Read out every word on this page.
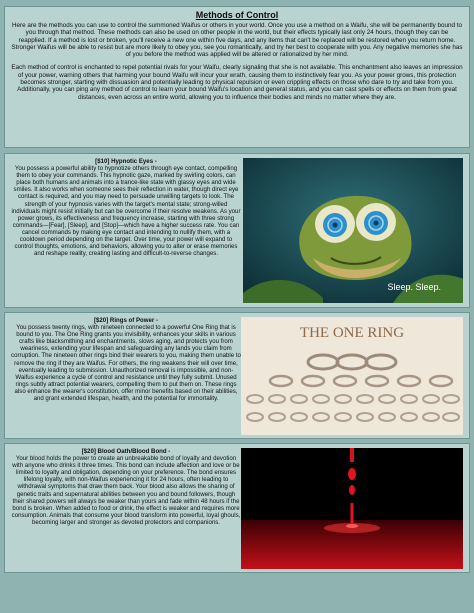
Methods of Control

Here are the methods you can use to control the summoned Waifus or others in your world. Once you use a method on a Waifu, she will be permanently bound to you through that method. These methods can also be used on other people in the world, but their effects typically last only 24 hours, though they can be reapplied. If a method is lost or broken, you'll receive a new one within five days, and any items that can't be replaced will be restored when you return home. Stronger Waifus will be able to resist but are more likely to obey you, see you romantically, and try her best to cooperate with you. Any negative memories she has of you before the method was applied will be altered or rationalized by her mind.

Each method of control is enchanted to repel potential rivals for your Waifu, clearly signaling that she is not available. This enchantment also leaves an impression of your power, warning others that harming your bound Waifu will incur your wrath, causing them to instinctively fear you. As your power grows, this protection becomes stronger, starting with dissuasion and potentially leading to physical repulsion or even crippling effects on those who dare to try and take from you. Additionally, you can ping any method of control to learn your bound Waifu's location and general status, and you can cast spells or effects on them from great distances, even across an entire world, allowing you to influence their bodies and minds no matter where they are.

[$10] Hypnotic Eyes -
You possess a powerful ability to hypnotize others through eye contact, compelling them to obey your commands. This hypnotic gaze, marked by swirling colors, can place both humans and animals into a trance-like state with glassy eyes and wide smiles. It also works when someone sees their reflection in water, though direct eye contact is required, and you may need to persuade unwilling targets to look. The strength of your hypnosis varies with the target's mental state; strong-willed individuals might resist initially but can be overcome if their resolve weakens. As your power grows, its effectiveness and frequency increase, starting with three strong commands—[Fear], [Sleep], and [Stop]—which have a higher success rate. You can cancel commands by making eye contact and intending to nullify them, with a cooldown period depending on the target. Over time, your power will expand to control thoughts, emotions, and behaviors, allowing you to alter or erase memories and reshape reality, creating lasting and difficult-to-reverse changes.
Sleep. Sleep.
[$20] Rings of Power -
You possess twenty rings, with nineteen connected to a powerful One Ring that is bound to you. The One Ring grants you invisibility, enhances your skills in various crafts like blacksmithing and enchantments, slows aging, and protects you from weariness, extending your lifespan and safeguarding any lands you claim from corruption. The nineteen other rings bind their wearers to you, making them unable to remove the ring if they are Waifus. For others, the ring weakens their will over time, eventually leading to submission. Unauthorized removal is impossible, and non-Waifus experience a cycle of control and resistance until they fully submit. Unused rings subtly attract potential wearers, compelling them to put them on. These rings also enhance the wearer's constitution, offer minor benefits based on their abilities, and grant extended lifespan, health, and the potential for immortality.
THE ONE RING
[$20] Blood Oath/Blood Bond -
Your blood holds the power to create an unbreakable bond of loyalty and devotion with anyone who drinks it three times. This bond can include affection and love or be limited to loyalty and obligation, depending on your preference. The bond ensures lifelong loyalty, with non-Waifus experiencing it for 24 hours, often leading to withdrawal symptoms that draw them back. Your blood also allows the sharing of genetic traits and supernatural abilities between you and bound followers, though their shared powers will always be weaker than yours and fade within 48 hours if the bond is broken. When added to food or drink, the effect is weaker and requires more consumption. Animals that consume your blood transform into powerful, loyal ghouls, becoming larger and stronger as devoted protectors and companions.
